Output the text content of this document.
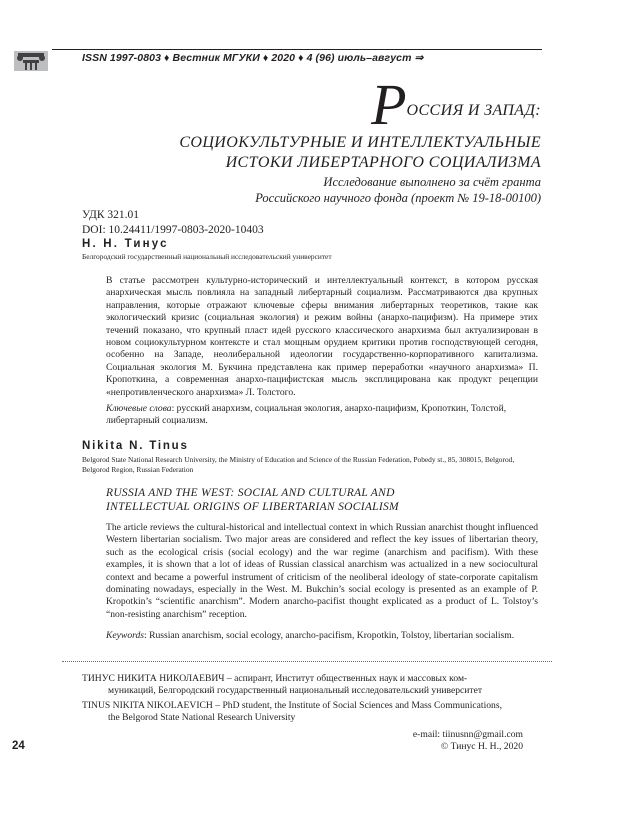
ISSN 1997-0803 ♦ Вестник МГУКИ ♦ 2020 ♦ 4 (96) июль–август ⇒
РОССИЯ И ЗАПАД:
СОЦИОКУЛЬТУРНЫЕ И ИНТЕЛЛЕКТУАЛЬНЫЕ
ИСТОКИ ЛИБЕРТАРНОГО СОЦИАЛИЗМА
Исследование выполнено за счёт гранта
Российского научного фонда (проект № 19-18-00100)
УДК 321.01
DOI: 10.24411/1997-0803-2020-10403
Н. Н. Тинус
Белгородский государственный национальный исследовательский университет
В статье рассмотрен культурно-исторический и интеллектуальный контекст, в котором русская анархическая мысль повлияла на западный либертарный социализм. Рассматриваются два крупных направления, которые отражают ключевые сферы внимания либертарных теоретиков, такие как экологический кризис (социальная экология) и режим войны (анархо-пацифизм). На примере этих течений показано, что крупный пласт идей русского классического анархизма был актуализирован в новом социокультурном контексте и стал мощным орудием критики против господствующей сегодня, особенно на Западе, неолиберальной идеологии государственно-корпоративного капитализма. Социальная экология М. Букчина представлена как пример переработки «научного анархизма» П. Кропоткина, а современная анархо-пацифистская мысль эксплицирована как продукт рецепции «непротивленческого анархизма» Л. Толстого.
Ключевые слова: русский анархизм, социальная экология, анархо-пацифизм, Кропоткин, Толстой, либертарный социализм.
Nikita N. Tinus
Belgorod State National Research University, the Ministry of Education and Science of the Russian Federation, Pobedy st., 85, 308015, Belgorod, Belgorod Region, Russian Federation
RUSSIA AND THE WEST: SOCIAL AND CULTURAL AND
INTELLECTUAL ORIGINS OF LIBERTARIAN SOCIALISM
The article reviews the cultural-historical and intellectual context in which Russian anarchist thought influenced Western libertarian socialism. Two major areas are considered and reflect the key issues of libertarian theory, such as the ecological crisis (social ecology) and the war regime (anarchism and pacifism). With these examples, it is shown that a lot of ideas of Russian classical anarchism was actualized in a new sociocultural context and became a powerful instrument of criticism of the neoliberal ideology of state-corporate capitalism dominating nowadays, especially in the West. M. Bukchin’s social ecology is presented as an example of P. Kropotkin’s “scientific anarchism”. Modern anarcho-pacifist thought explicated as a product of L. Tolstoy’s “non-resisting anarchism” reception.
Keywords: Russian anarchism, social ecology, anarcho-pacifism, Kropotkin, Tolstoy, libertarian socialism.
ТИНУС НИКИТА НИКОЛАЕВИЧ – аспирант, Институт общественных наук и массовых ком-
муникаций, Белгородский государственный национальный исследовательский университет
TINUS NIKITA NIKOLAEVICH – PhD student, the Institute of Social Sciences and Mass Communications,
the Belgorod State National Research University
e-mail: tiinusnn@gmail.com
© Тинус Н. Н., 2020
24
